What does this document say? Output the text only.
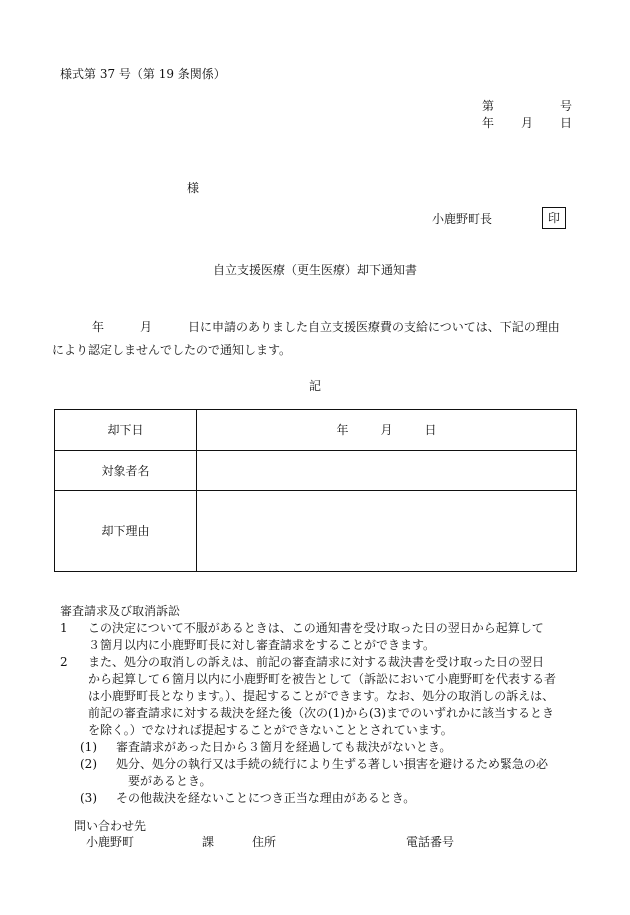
様式第 37 号（第 19 条関係）
第	号
年 月 日
様
小鹿野町長	印
自立支援医療（更生医療）却下通知書
年	月	日に申請のありました自立支援医療費の支給については、下記の理由
により認定しませんでしたので通知します。
記
却下日	年 月 日
対象者名	
却下理由	
審査請求及び取消訴訟
1	この決定について不服があるときは、この通知書を受け取った日の翌日から起算して
３箇月以内に小鹿野町長に対し審査請求をすることができます。
2	また、処分の取消しの訴えは、前記の審査請求に対する裁決書を受け取った日の翌日
から起算して６箇月以内に小鹿野町を被告として（訴訟において小鹿野町を代表する者
は小鹿野町長となります。）、提起することができます。なお、処分の取消しの訴えは、
前記の審査請求に対する裁決を経た後（次の(1)から(3)までのいずれかに該当するとき
を除く。）でなければ提起することができないこととされています。
(1)	審査請求があった日から３箇月を経過しても裁決がないとき。
(2)	処分、処分の執行又は手続の続行により生ずる著しい損害を避けるため緊急の必
要があるとき。
(3)	その他裁決を経ないことにつき正当な理由があるとき。
問い合わせ先
小鹿野町	課	住所	電話番号
